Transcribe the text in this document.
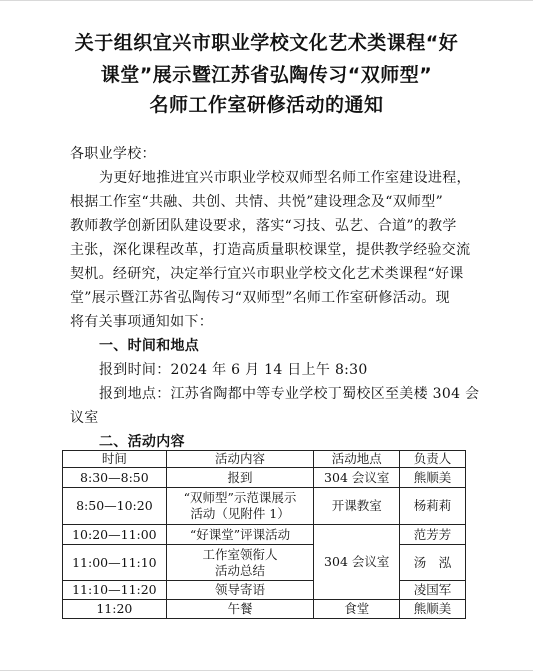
关于组织宜兴市职业学校文化艺术类课程“好
课堂”展示暨江苏省弘陶传习“双师型”
名师工作室研修活动的通知
各职业学校：
为更好地推进宜兴市职业学校双师型名师工作室建设进程，
根据工作室“共融、共创、共情、共悦”建设理念及“双师型”
教师教学创新团队建设要求，落实“习技、弘艺、合道”的教学
主张，深化课程改革，打造高质量职校课堂，提供教学经验交流
契机。经研究，决定举行宜兴市职业学校文化艺术类课程“好课
堂”展示暨江苏省弘陶传习“双师型”名师工作室研修活动。现
将有关事项通知如下：
一、时间和地点
报到时间：2024 年 6 月 14 日上午 8:30
报到地点：江苏省陶都中等专业学校丁蜀校区至美楼 304 会
议室
二、活动内容
时间	活动内容	活动地点	负责人
8:30—8:50	报到	304 会议室	熊顺美
8:50—10:20	“双师型”示范课展示
活动（见附件 1）	开课教室	杨莉莉
10:20—11:00	“好课堂”评课活动	304 会议室	范芳芳
11:00—11:10	工作室领衔人
活动总结		汤　泓
11:10—11:20	领导寄语		凌国军
11:20	午餐	食堂	熊顺美
